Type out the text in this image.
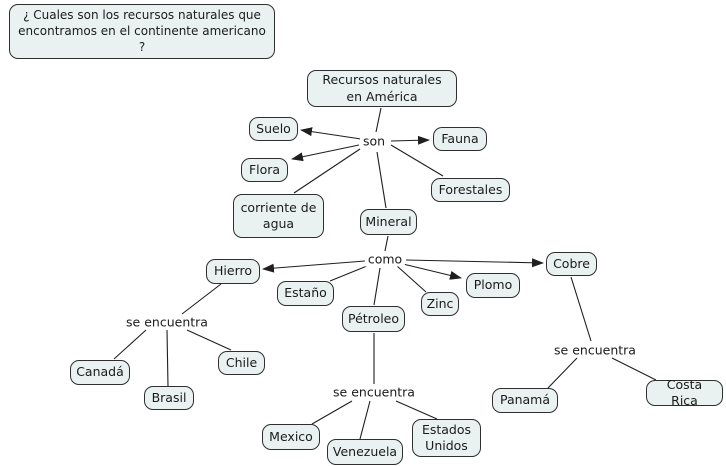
¿ Cuales son los recursos naturales que encontramos en el continente americano ?
Recursos naturales en América
Suelo
Fauna
Flora
Forestales
corriente de agua	Mineral
Hierro
Estaño
Pétroleo
Zinc
Plomo
Cobre
Canadá
Brasil
Chile
Mexico
Venezuela
Estados Unidos
Panamá
Costa Rica
son
como
se encuentra
se encuentra
se encuentra
